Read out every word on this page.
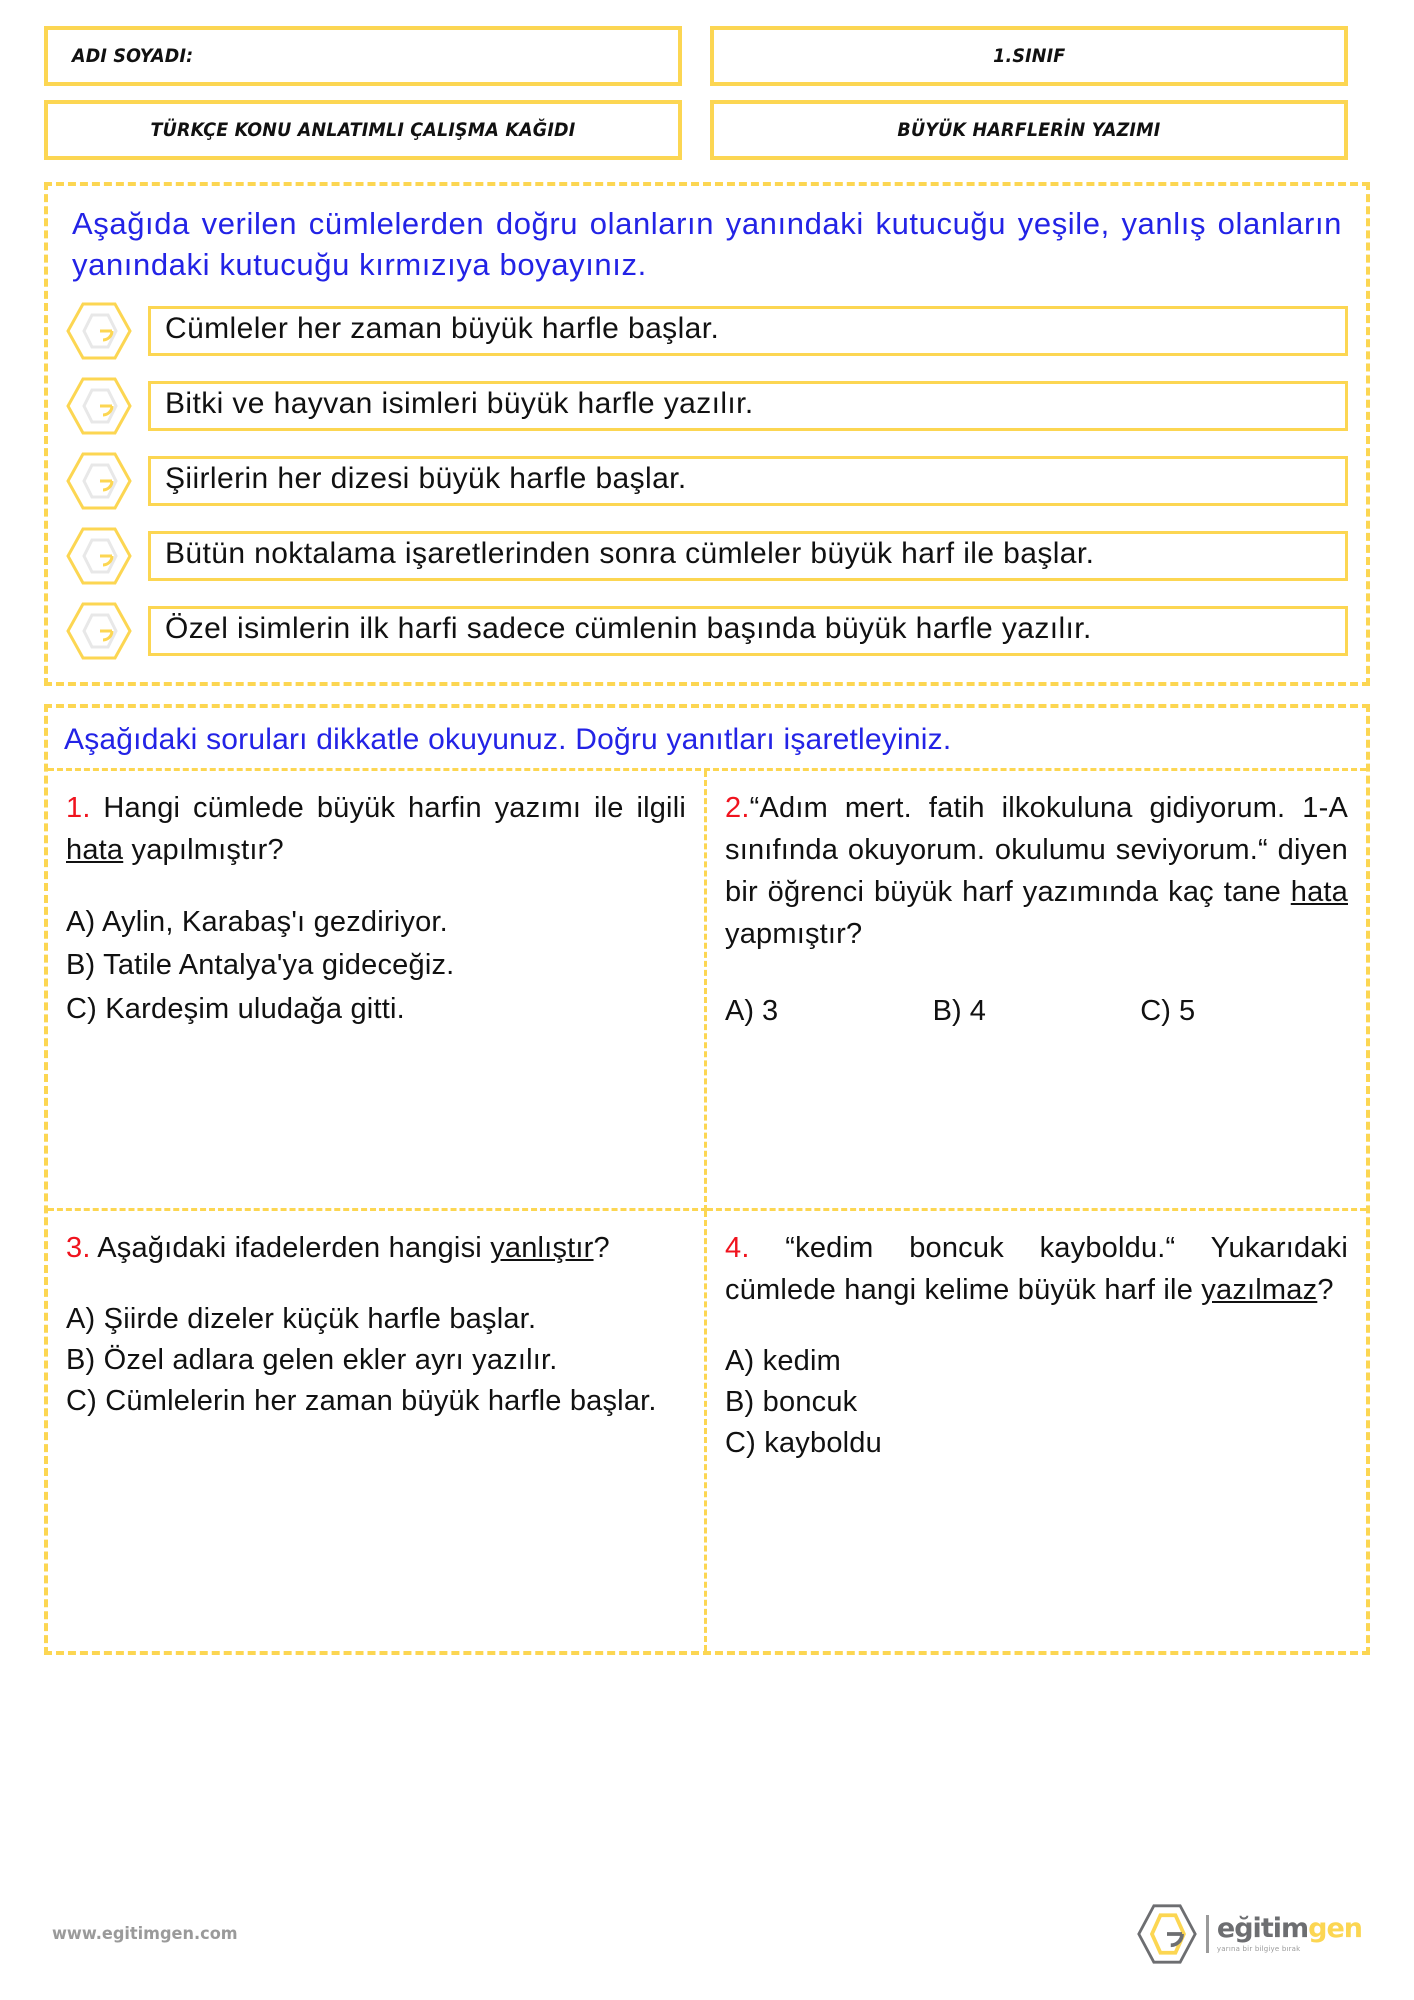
ADI SOYADI:	1.SINIF
TÜRKÇE KONU ANLATIMLI ÇALIŞMA KAĞIDI	BÜYÜK HARFLERİN YAZIMI
Aşağıda verilen cümlelerden doğru olanların yanındaki kutucuğu yeşile, yanlış olanların yanındaki kutucuğu kırmızıya boyayınız.
Cümleler her zaman büyük harfle başlar.
Bitki ve hayvan isimleri büyük harfle yazılır.
Şiirlerin her dizesi büyük harfle başlar.
Bütün noktalama işaretlerinden sonra cümleler büyük harf ile başlar.
Özel isimlerin ilk harfi sadece cümlenin başında büyük harfle yazılır.
Aşağıdaki soruları dikkatle okuyunuz. Doğru yanıtları işaretleyiniz.
1. Hangi cümlede büyük harfin yazımı ile ilgili hata yapılmıştır?
A) Aylin, Karabaş'ı gezdiriyor.
B) Tatile Antalya'ya gideceğiz.
C) Kardeşim uludağa gitti.
2.“Adım mert. fatih ilkokuluna gidiyorum. 1-A sınıfında okuyorum. okulumu seviyorum.“ diyen bir öğrenci büyük harf yazımında kaç tane hata yapmıştır?
A) 3	B) 4	C) 5
3. Aşağıdaki ifadelerden hangisi yanlıştır?
A) Şiirde dizeler küçük harfle başlar.
B) Özel adlara gelen ekler ayrı yazılır.
C) Cümlelerin her zaman büyük harfle başlar.
4. “kedim boncuk kayboldu.“ Yukarıdaki cümlede hangi kelime büyük harf ile yazılmaz?
A) kedim
B) boncuk
C) kayboldu
www.egitimgen.com	eğitimgen
yarına bir bilgiye bırak
